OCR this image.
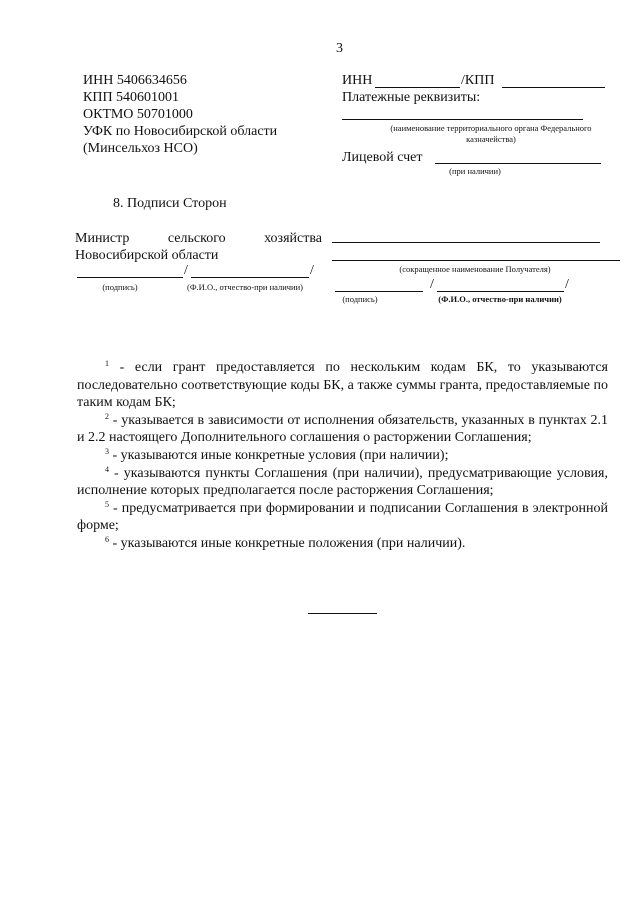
3
ИНН 5406634656
КПП 540601001
ОКТМО 50701000
УФК по Новосибирской области
(Минсельхоз НСО)
ИНН	/КПП
Платежные реквизиты:
(наименование территориального органа Федерального
казначейства)
Лицевой счет
(при наличии)
8. Подписи Сторон
Министр	сельского	хозяйства
Новосибирской области
/	/
(подпись)	(Ф.И.О., отчество-при наличии)
(сокращенное наименование Получателя)
/	/
(подпись)	(Ф.И.О., отчество-при наличии)

$^1$ - если грант предоставляется по нескольким кодам БК, то указываются последовательно соответствующие коды БК, а также суммы гранта, предоставляемые по таким кодам БК;

$^2$ - указывается в зависимости от исполнения обязательств, указанных в пунктах 2.1 и 2.2 настоящего Дополнительного соглашения о расторжении Соглашения;

$^3$ - указываются иные конкретные условия (при наличии);

$^4$ - указываются пункты Соглашения (при наличии), предусматривающие условия, исполнение которых предполагается после расторжения Соглашения;

$^5$ - предусматривается при формировании и подписании Соглашения в электронной форме;

$^6$ - указываются иные конкретные положения (при наличии).
